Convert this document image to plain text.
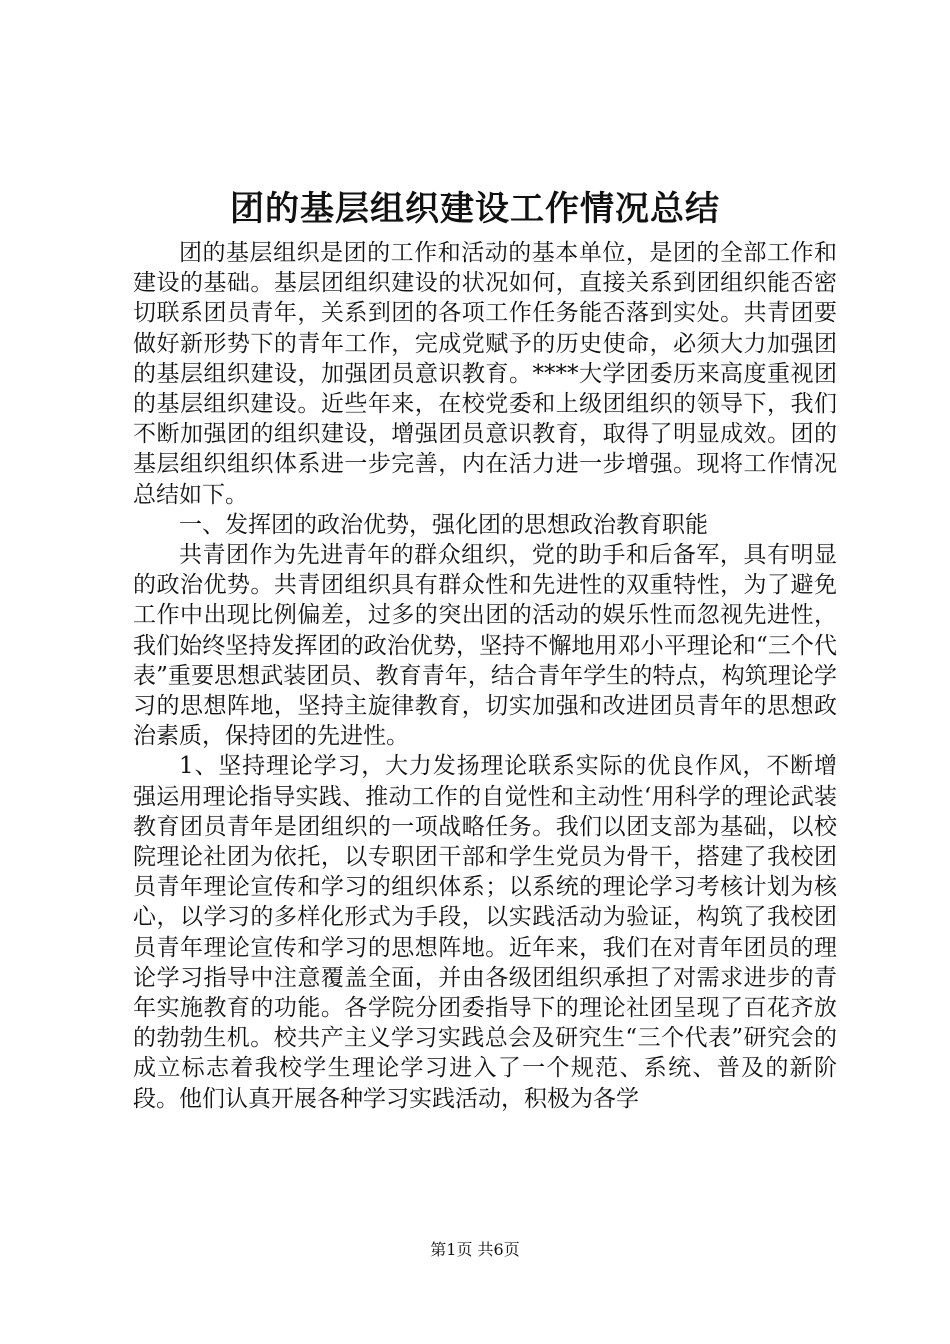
团的基层组织建设工作情况总结

团的基层组织是团的工作和活动的基本单位，是团的全部工作和建设的基础。基层团组织建设的状况如何，直接关系到团组织能否密切联系团员青年，关系到团的各项工作任务能否落到实处。共青团要做好新形势下的青年工作，完成党赋予的历史使命，必须大力加强团的基层组织建设，加强团员意识教育。****大学团委历来高度重视团的基层组织建设。近些年来，在校党委和上级团组织的领导下，我们不断加强团的组织建设，增强团员意识教育，取得了明显成效。团的基层组织组织体系进一步完善，内在活力进一步增强。现将工作情况总结如下。

一、发挥团的政治优势，强化团的思想政治教育职能

共青团作为先进青年的群众组织，党的助手和后备军，具有明显的政治优势。共青团组织具有群众性和先进性的双重特性，为了避免工作中出现比例偏差，过多的突出团的活动的娱乐性而忽视先进性，我们始终坚持发挥团的政治优势，坚持不懈地用邓小平理论和“三个代表”重要思想武装团员、教育青年，结合青年学生的特点，构筑理论学习的思想阵地，坚持主旋律教育，切实加强和改进团员青年的思想政治素质，保持团的先进性。

1、坚持理论学习，大力发扬理论联系实际的优良作风，不断增强运用理论指导实践、推动工作的自觉性和主动性‘用科学的理论武装教育团员青年是团组织的一项战略任务。我们以团支部为基础，以校院理论社团为依托，以专职团干部和学生党员为骨干，搭建了我校团员青年理论宣传和学习的组织体系；以系统的理论学习考核计划为核心，以学习的多样化形式为手段，以实践活动为验证，构筑了我校团员青年理论宣传和学习的思想阵地。近年来，我们在对青年团员的理论学习指导中注意覆盖全面，并由各级团组织承担了对需求进步的青年实施教育的功能。各学院分团委指导下的理论社团呈现了百花齐放的勃勃生机。校共产主义学习实践总会及研究生“三个代表”研究会的成立标志着我校学生理论学习进入了一个规范、系统、普及的新阶段。他们认真开展各种学习实践活动，积极为各学

第1页 共6页
